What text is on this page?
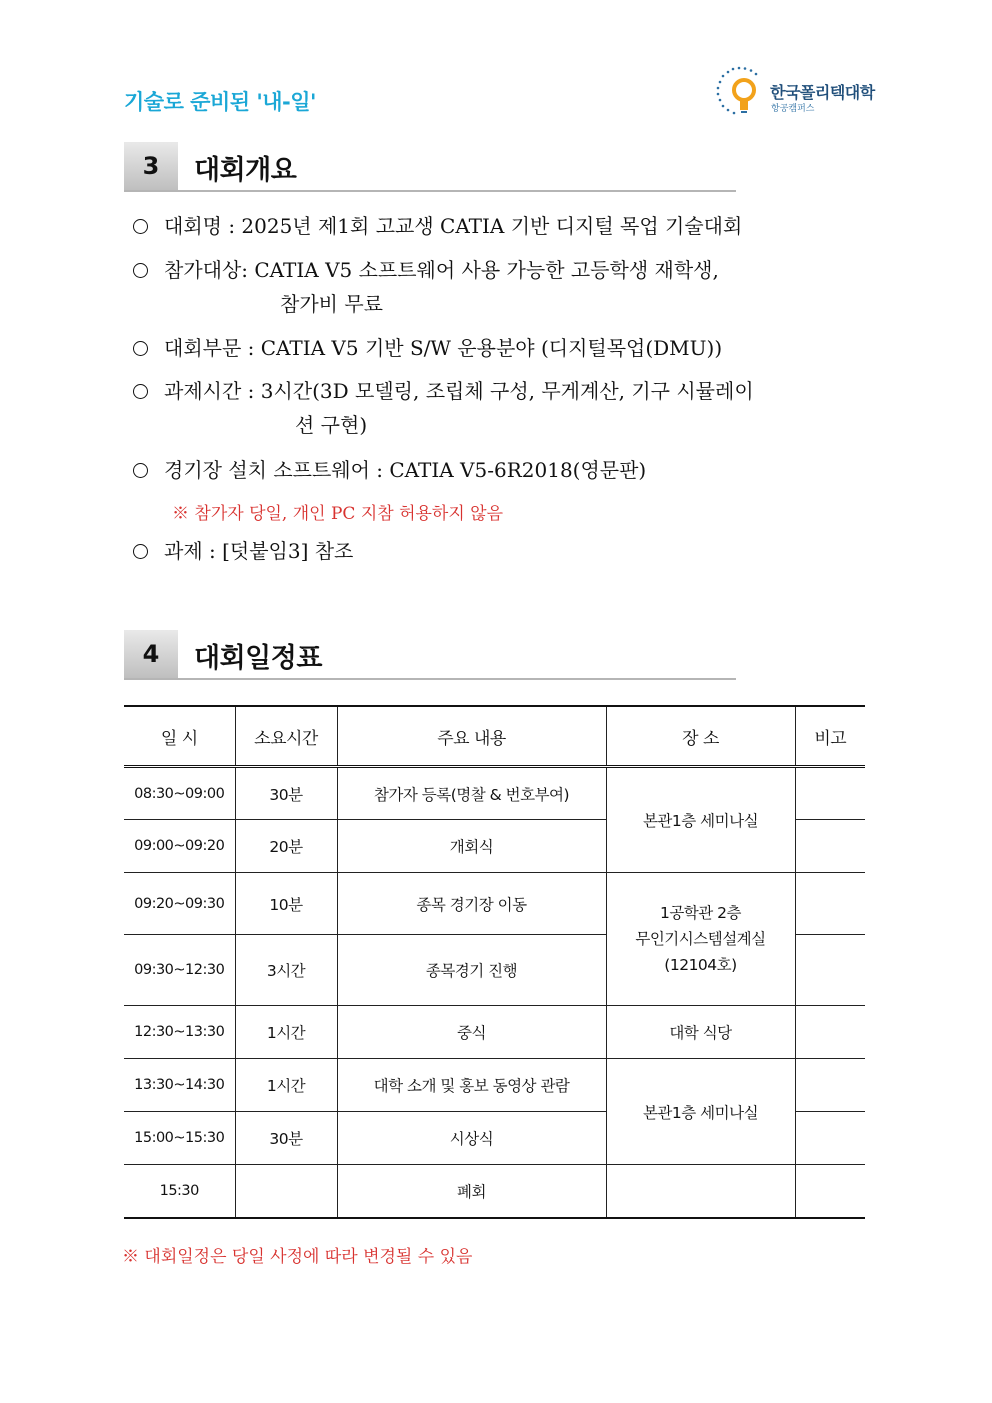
기술로 준비된 '내-일'	한국폴리텍대학
항공캠퍼스
3	대회개요
대회명 : 2025년 제1회 고교생 CATIA 기반 디지털 목업 기술대회
참가대상: CATIA V5 소프트웨어 사용 가능한 고등학생 재학생,
참가비 무료
대회부문 : CATIA V5 기반 S/W 운용분야 (디지털목업(DMU))
과제시간 : 3시간(3D 모델링, 조립체 구성, 무게계산, 기구 시뮬레이
션 구현)
경기장 설치 소프트웨어 : CATIA V5-6R2018(영문판)
※ 참가자 당일, 개인 PC 지참 허용하지 않음
과제 : [덧붙임3] 참조
4	대회일정표
일 시	소요시간	주요 내용	장 소	비고
08:30~09:00	30분	참가자 등록(명찰 & 번호부여)	본관1층 세미나실	
09:00~09:20	20분	개회식		
09:20~09:30	10분	종목 경기장 이동	1공학관 2층
무인기시스템설계실
(12104호)	

09:30~12:30	3시간	종목경기 진행		
12:30~13:30	1시간	중식	대학 식당	
13:30~14:30	1시간	대학 소개 및 홍보 동영상 관람	본관1층 세미나실	
15:00~15:30	30분	시상식		
15:30		폐회		
※ 대회일정은 당일 사정에 따라 변경될 수 있음
